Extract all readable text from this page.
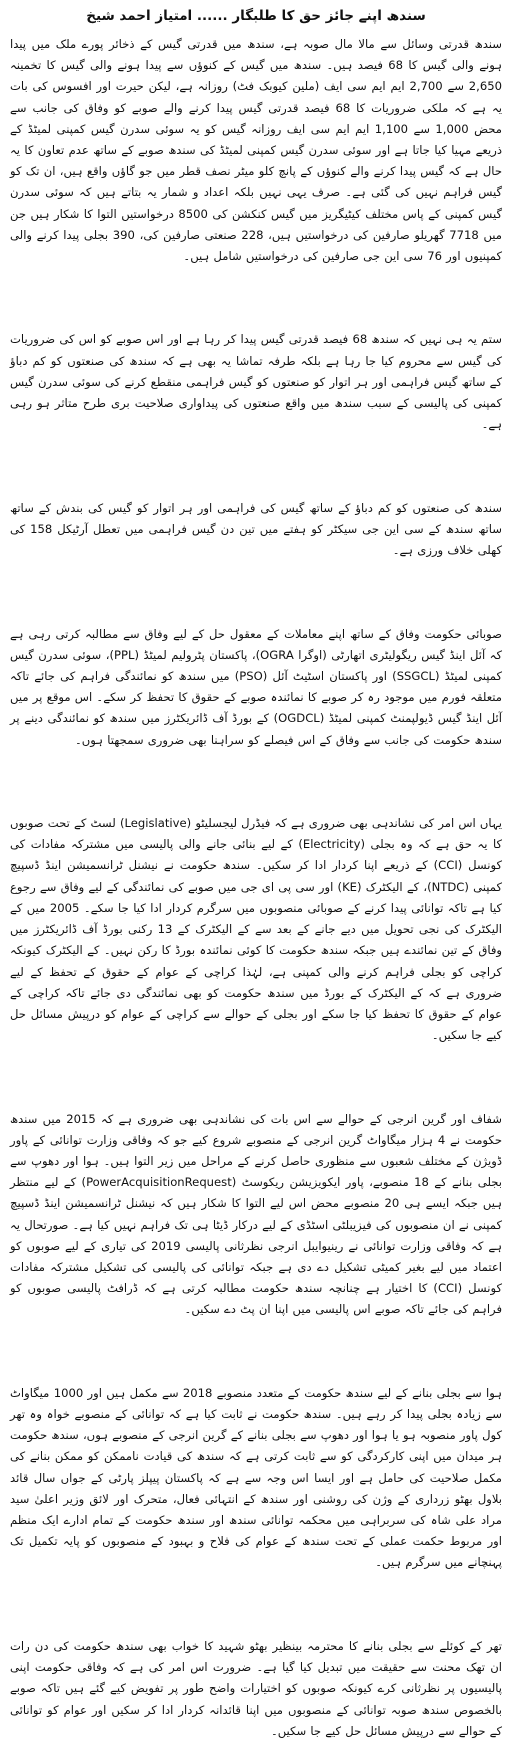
سندھ اپنے جائز حق کا طلبگار ...... امتیاز احمد شیخ

سندھ قدرتی وسائل سے مالا مال صوبہ ہے، سندھ میں قدرتی گیس کے ذخائر پورے ملک میں پیدا ہونے والی گیس کا 68 فیصد ہیں۔ سندھ میں گیس کے کنوؤں سے پیدا ہونے والی گیس کا تخمینہ 2,650 سے 2,700 ایم ایم سی ایف (ملین کیوبک فٹ) روزانہ ہے، لیکن حیرت اور افسوس کی بات یہ ہے کہ ملکی ضروریات کا 68 فیصد قدرتی گیس پیدا کرنے والے صوبے کو وفاق کی جانب سے محض 1,000 سے 1,100 ایم ایم سی ایف روزانہ گیس کو یہ سوئی سدرن گیس کمپنی لمیٹڈ کے ذریعے مہیا کیا جاتا ہے اور سوئی سدرن گیس کمپنی لمیٹڈ کی سندھ صوبے کے ساتھ عدم تعاون کا یہ حال ہے کہ گیس پیدا کرنے والے کنوؤں کے پانچ کلو میٹر نصف قطر میں جو گاؤں واقع ہیں، ان تک کو گیس فراہم نہیں کی گئی ہے۔ صرف یہی نہیں بلکہ اعداد و شمار یہ بتاتے ہیں کہ سوئی سدرن گیس کمپنی کے پاس مختلف کیٹیگریز میں گیس کنکشن کی 8500 درخواستیں التوا کا شکار ہیں جن میں 7718 گھریلو صارفین کی درخواستیں ہیں، 228 صنعتی صارفین کی، 390 بجلی پیدا کرنے والی کمپنیوں اور 76 سی این جی صارفین کی درخواستیں شامل ہیں۔

ستم یہ ہی نہیں کہ سندھ 68 فیصد قدرتی گیس پیدا کر رہا ہے اور اس صوبے کو اس کی ضروریات کی گیس سے محروم کیا جا رہا ہے بلکہ طرفہ تماشا یہ بھی ہے کہ سندھ کی صنعتوں کو کم دباؤ کے ساتھ گیس فراہمی اور ہر اتوار کو صنعتوں کو گیس فراہمی منقطع کرنے کی سوئی سدرن گیس کمپنی کی پالیسی کے سبب سندھ میں واقع صنعتوں کی پیداواری صلاحیت بری طرح متاثر ہو رہی ہے۔

سندھ کی صنعتوں کو کم دباؤ کے ساتھ گیس کی فراہمی اور ہر اتوار کو گیس کی بندش کے ساتھ ساتھ سندھ کے سی این جی سیکٹر کو ہفتے میں تین دن گیس فراہمی میں تعطل آرٹیکل 158 کی کھلی خلاف ورزی ہے۔

صوبائی حکومت وفاق کے ساتھ اپنے معاملات کے معقول حل کے لیے وفاق سے مطالبہ کرتی رہی ہے کہ آئل اینڈ گیس ریگولیٹری اتھارٹی (اوگرا OGRA)، پاکستان پٹرولیم لمیٹڈ (PPL)، سوئی سدرن گیس کمپنی لمیٹڈ (SSGCL) اور پاکستان اسٹیٹ آئل (PSO) میں سندھ کو نمائندگی فراہم کی جائے تاکہ متعلقہ فورم میں موجود رہ کر صوبے کا نمائندہ صوبے کے حقوق کا تحفظ کر سکے۔ اس موقع پر میں آئل اینڈ گیس ڈیولپمنٹ کمپنی لمیٹڈ (OGDCL) کے بورڈ آف ڈائریکٹرز میں سندھ کو نمائندگی دینے پر سندھ حکومت کی جانب سے وفاق کے اس فیصلے کو سراہنا بھی ضروری سمجھتا ہوں۔

یہاں اس امر کی نشاندہی بھی ضروری ہے کہ فیڈرل لیجسلیٹو (Legislative) لسٹ کے تحت صوبوں کا یہ حق ہے کہ وہ بجلی (Electricity) کے لیے بنائی جانے والی پالیسی میں مشترکہ مفادات کی کونسل (CCI) کے ذریعے اپنا کردار ادا کر سکیں۔ سندھ حکومت نے نیشنل ٹرانسمیشن اینڈ ڈسپیچ کمپنی (NTDC)، کے الیکٹرک (KE) اور سی پی ای جی میں صوبے کی نمائندگی کے لیے وفاق سے رجوع کیا ہے تاکہ توانائی پیدا کرنے کے صوبائی منصوبوں میں سرگرم کردار ادا کیا جا سکے۔ 2005 میں کے الیکٹرک کی نجی تحویل میں دیے جانے کے بعد سے کے الیکٹرک کے 13 رکنی بورڈ آف ڈائریکٹرز میں وفاق کے تین نمائندے ہیں جبکہ سندھ حکومت کا کوئی نمائندہ بورڈ کا رکن نہیں۔ کے الیکٹرک کیونکہ کراچی کو بجلی فراہم کرنے والی کمپنی ہے، لہٰذا کراچی کے عوام کے حقوق کے تحفظ کے لیے ضروری ہے کہ کے الیکٹرک کے بورڈ میں سندھ حکومت کو بھی نمائندگی دی جائے تاکہ کراچی کے عوام کے حقوق کا تحفظ کیا جا سکے اور بجلی کے حوالے سے کراچی کے عوام کو درپیش مسائل حل کیے جا سکیں۔

شفاف اور گرین انرجی کے حوالے سے اس بات کی نشاندہی بھی ضروری ہے کہ 2015 میں سندھ حکومت نے 4 ہزار میگاواٹ گرین انرجی کے منصوبے شروع کیے جو کہ وفاقی وزارت توانائی کے پاور ڈویژن کے مختلف شعبوں سے منظوری حاصل کرنے کے مراحل میں زیر التوا ہیں۔ ہوا اور دھوپ سے بجلی بنانے کے 18 منصوبے، پاور ایکویزیشن ریکوسٹ (PowerAcquisitionRequest) کے لیے منتظر ہیں جبکہ ایسے ہی 20 منصوبے محض اس لیے التوا کا شکار ہیں کہ نیشنل ٹرانسمیشن اینڈ ڈسپیچ کمپنی نے ان منصوبوں کی فیزیبلٹی اسٹڈی کے لیے درکار ڈیٹا ہی تک فراہم نہیں کیا ہے۔ صورتحال یہ ہے کہ وفاقی وزارت توانائی نے رینیوایبل انرجی نظرثانی پالیسی 2019 کی تیاری کے لیے صوبوں کو اعتماد میں لیے بغیر کمیٹی تشکیل دے دی ہے جبکہ توانائی کی پالیسی کی تشکیل مشترکہ مفادات کونسل (CCI) کا اختیار ہے چنانچہ سندھ حکومت مطالبہ کرتی ہے کہ ڈرافٹ پالیسی صوبوں کو فراہم کی جائے تاکہ صوبے اس پالیسی میں اپنا ان پٹ دے سکیں۔

ہوا سے بجلی بنانے کے لیے سندھ حکومت کے متعدد منصوبے 2018 سے مکمل ہیں اور 1000 میگاواٹ سے زیادہ بجلی پیدا کر رہے ہیں۔ سندھ حکومت نے ثابت کیا ہے کہ توانائی کے منصوبے خواہ وہ تھر کول پاور منصوبہ ہو یا ہوا اور دھوپ سے بجلی بنانے کے گرین انرجی کے منصوبے ہوں، سندھ حکومت ہر میدان میں اپنی کارکردگی کو سے ثابت کرتی ہے کہ سندھ کی قیادت ناممکن کو ممکن بنانے کی مکمل صلاحیت کی حامل ہے اور ایسا اس وجہ سے ہے کہ پاکستان پیپلز پارٹی کے جواں سال قائد بلاول بھٹو زرداری کے وژن کی روشنی اور سندھ کے انتہائی فعال، متحرک اور لائق وزیر اعلیٰ سید مراد علی شاہ کی سربراہی میں محکمہ توانائی سندھ اور سندھ حکومت کے تمام ادارے ایک منظم اور مربوط حکمت عملی کے تحت سندھ کے عوام کی فلاح و بہبود کے منصوبوں کو پایہ تکمیل تک پہنچانے میں سرگرم ہیں۔

تھر کے کوئلے سے بجلی بنانے کا محترمہ بینظیر بھٹو شہید کا خواب بھی سندھ حکومت کی دن رات ان تھک محنت سے حقیقت میں تبدیل کیا گیا ہے۔ ضرورت اس امر کی ہے کہ وفاقی حکومت اپنی پالیسیوں پر نظرثانی کرے کیونکہ صوبوں کو اختیارات واضح طور پر تفویض کیے گئے ہیں تاکہ صوبے بالخصوص سندھ صوبہ توانائی کے منصوبوں میں اپنا قائدانہ کردار ادا کر سکیں اور عوام کو توانائی کے حوالے سے درپیش مسائل حل کیے جا سکیں۔
